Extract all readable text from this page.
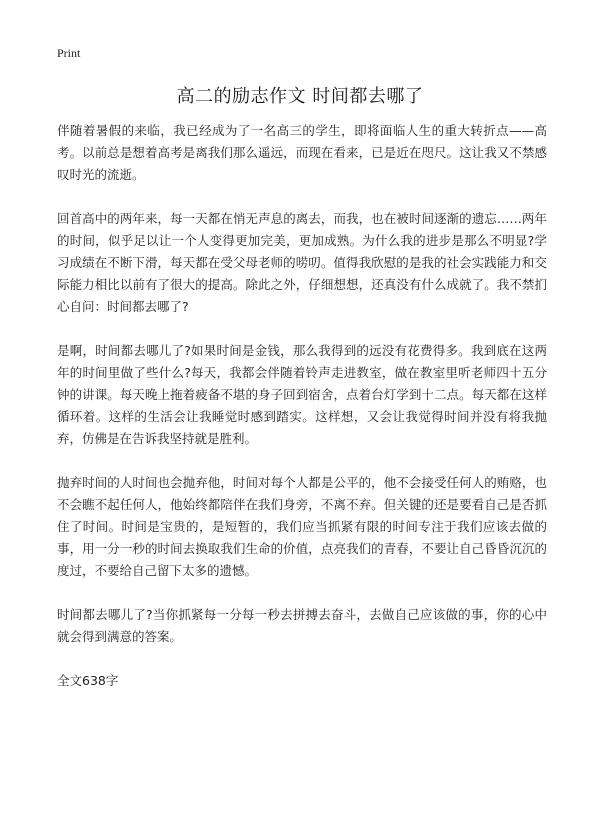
Print
高二的励志作文 时间都去哪了

伴随着暑假的来临，我已经成为了一名高三的学生，即将面临人生的重大转折点——高考。以前总是想着高考是离我们那么遥远，而现在看来，已是近在咫尺。这让我又不禁感叹时光的流逝。

回首高中的两年来，每一天都在悄无声息的离去，而我，也在被时间逐渐的遗忘……两年的时间，似乎足以让一个人变得更加完美，更加成熟。为什么我的进步是那么不明显?学习成绩在不断下滑，每天都在受父母老师的唠叨。值得我欣慰的是我的社会实践能力和交际能力相比以前有了很大的提高。除此之外，仔细想想，还真没有什么成就了。我不禁扪心自问：时间都去哪了?

是啊，时间都去哪儿了?如果时间是金钱，那么我得到的远没有花费得多。我到底在这两年的时间里做了些什么?每天，我都会伴随着铃声走进教室，做在教室里听老师四十五分钟的讲课。每天晚上拖着疲备不堪的身子回到宿舍，点着台灯学到十二点。每天都在这样循环着。这样的生活会让我睡觉时感到踏实。这样想，又会让我觉得时间并没有将我抛弃，仿佛是在告诉我坚持就是胜利。

抛弃时间的人时间也会抛弃他，时间对每个人都是公平的，他不会接受任何人的贿赂，也不会瞧不起任何人，他始终都陪伴在我们身旁，不离不弃。但关键的还是要看自己是否抓住了时间。时间是宝贵的，是短暂的，我们应当抓紧有限的时间专注于我们应该去做的事，用一分一秒的时间去换取我们生命的价值，点亮我们的青春，不要让自己昏昏沉沉的度过，不要给自己留下太多的遗憾。

时间都去哪儿了?当你抓紧每一分每一秒去拼搏去奋斗，去做自己应该做的事，你的心中就会得到满意的答案。

全文638字
